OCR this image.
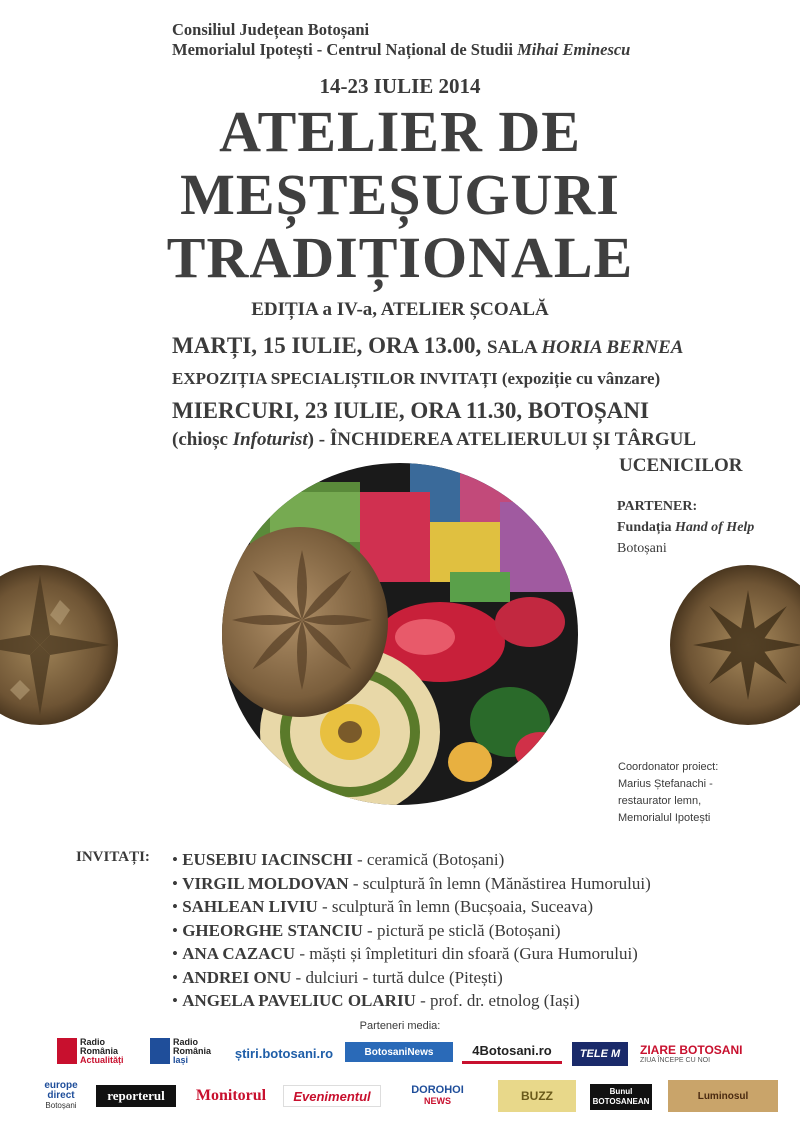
Consiliul Județean Botoșani
Memorialul Ipotești - Centrul Național de Studii Mihai Eminescu
14-23 IULIE 2014
ATELIER DE
MEȘTEȘUGURI
TRADIȚIONALE
EDIȚIA a IV-a, ATELIER ȘCOALĂ
MARȚI, 15 IULIE, ORA 13.00, SALA HORIA BERNEA
EXPOZIȚIA SPECIALIȘTILOR INVITAȚI (expoziție cu vânzare)
MIERCURI, 23 IULIE, ORA 11.30, BOTOȘANI
(chioșc Infoturist) - ÎNCHIDEREA ATELIERULUI ȘI TÂRGUL
UCENICILOR
PARTENER:
Fundația Hand of Help
Botoșani
Coordonator proiect:
Marius Ștefanachi -
restaurator lemn,
Memorialul Ipotești
INVITAȚI: • EUSEBIU IACINSCHI - ceramică (Botoșani)
• VIRGIL MOLDOVAN - sculptură în lemn (Mănăstirea Humorului)
• SAHLEAN LIVIU - sculptură în lemn (Bucșoaia, Suceava)
• GHEORGHE STANCIU - pictură pe sticlă (Botoșani)
• ANA CAZACU - măști și împletituri din sfoară (Gura Humorului)
• ANDREI ONU - dulciuri - turtă dulce (Pitești)
• ANGELA PAVELIUC OLARIU - prof. dr. etnolog (Iași)
Parteneri media:
Radio
România
Actualități
Radio
România
Iași	știri.botosani.ro	BotosaniNews	4Botosani.ro	TELE M	ZIARE BOTOSANI
ZIUA ÎNCEPE CU NOI
europe
direct
Botoșani
reporterul	Monitorul	Evenimentul	DOROHOI
NEWS	BUZZ	Bunul
BOTOSANEAN	Luminosul
